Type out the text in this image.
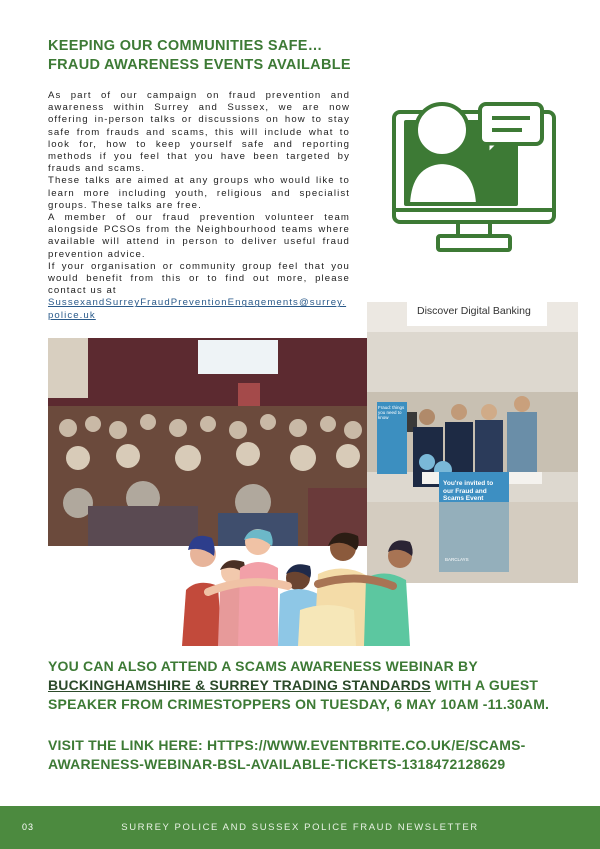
KEEPING OUR COMMUNITIES SAFE…
FRAUD AWARENESS EVENTS AVAILABLE

As part of our campaign on fraud prevention and awareness within Surrey and Sussex, we are now offering in-person talks or discussions on how to stay safe from frauds and scams, this will include what to look for, how to keep yourself safe and reporting methods if you feel that you have been targeted by frauds and scams.

These talks are aimed at any groups who would like to learn more including youth, religious and specialist groups. These talks are free.

A member of our fraud prevention volunteer team alongside PCSOs from the Neighbourhood teams where available will attend in person to deliver useful fraud prevention advice.

If your organisation or community group feel that you would benefit from this or to find out more, please contact us at

SussexandSurreyFraudPreventionEngagements@surrey.police.uk	Discover Digital Banking
Fraud: things you need to know
You're invited to our Fraud and Scams Event
BARCLAYS

YOU CAN ALSO ATTEND A SCAMS AWARENESS WEBINAR BY
BUCKINGHAMSHIRE & SURREY TRADING STANDARDS WITH A GUEST SPEAKER FROM CRIMESTOPPERS ON TUESDAY, 6 MAY 10AM -11.30AM.

VISIT THE LINK HERE: HTTPS://WWW.EVENTBRITE.CO.UK/E/SCAMS-AWARENESS-WEBINAR-BSL-AVAILABLE-TICKETS-1318472128629
03	SURREY POLICE AND SUSSEX POLICE FRAUD NEWSLETTER
